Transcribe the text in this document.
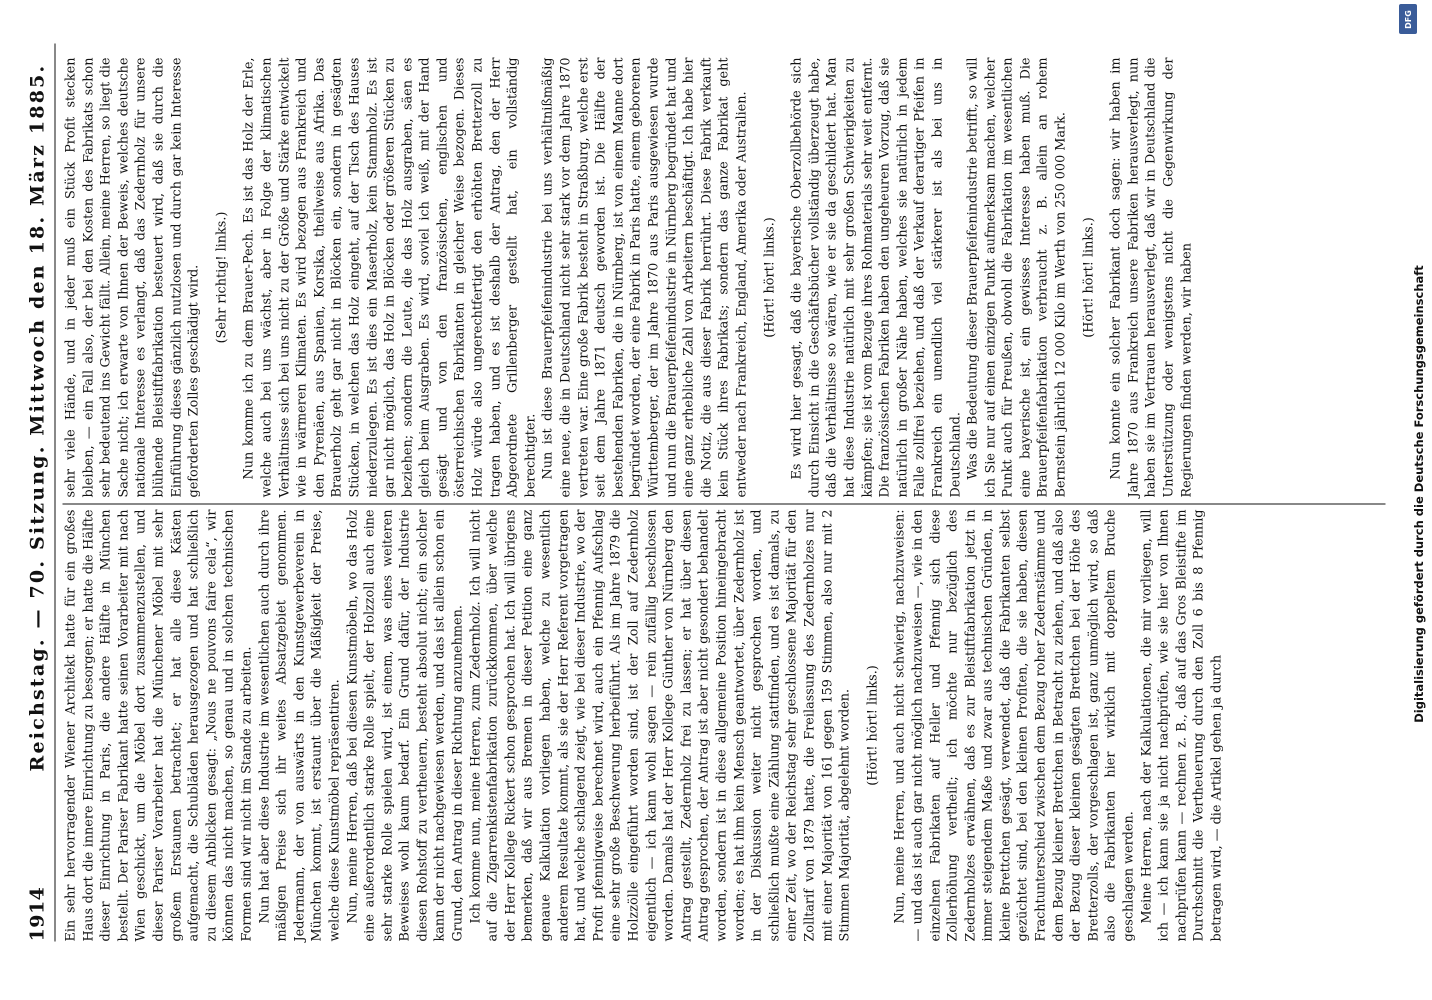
1914
Reichstag. — 70. Sitzung. Mittwoch den 18. März 1885. Ein sehr hervorragender Wiener Architekt hatte für ein großes Haus dort die innere Einrichtung zu besorgen; er hatte die Hälfte dieser Einrichtung in Paris, die andere Hälfte in München bestellt. Der Pariser Fabrikant hatte seinen Vorarbeiter mit nach Wien geschickt, um die Möbel dort zusammenzustellen, und dieser Pariser Vorarbeiter hat die Münchener Möbel mit sehr großem Erstaunen betrachtet; er hat alle diese Kästen aufgemacht, die Schubläden herausgezogen und hat schließlich zu diesem Anblicken gesagt: „Nous ne pouvons faire cela“, wir können das nicht machen, so genau und in solchen technischen Formen sind wir nicht im Stande zu arbeiten. Nun hat aber diese Industrie im wesentlichen auch durch ihre mäßigen Preise sich ihr weites Absatzgebiet genommen. Jedermann, der von auswärts in den Kunstgewerbeverein in München kommt, ist erstaunt über die Mäßigkeit der Preise, welche diese Kunstmöbel repräsentiren. Nun, meine Herren, daß bei diesen Kunstmöbeln, wo das Holz eine außerordentlich starke Rolle spielt, der Holzzoll auch eine sehr starke Rolle spielen wird, ist einem, was eines weiteren Beweises wohl kaum bedarf. Ein Grund dafür, der Industrie diesen Rohstoff zu vertheuern, besteht absolut nicht; ein solcher kann der nicht nachgewiesen werden, und das ist allein schon ein Grund, den Antrag in dieser Richtung anzunehmen. Ich komme nun, meine Herren, zum Zedernholz. Ich will nicht auf die Zigarrenkistenfabrikation zurückkommen, über welche der Herr Kollege Rickert schon gesprochen hat. Ich will übrigens bemerken, daß wir aus Bremen in dieser Petition eine ganz genaue Kalkulation vorliegen haben, welche zu wesentlich anderem Resultate kommt, als sie der Herr Referent vorgetragen hat, und welche schlagend zeigt, wie bei dieser Industrie, wo der Profit pfennigweise berechnet wird, auch ein Pfennig Aufschlag eine sehr große Beschwerung herbeiführt. Als im Jahre 1879 die Holzzölle eingeführt worden sind, ist der Zoll auf Zedernholz eigentlich — ich kann wohl sagen — rein zufällig beschlossen worden. Damals hat der Herr Kollege Günther von Nürnberg den Antrag gestellt, Zedernholz frei zu lassen; er hat über diesen Antrag gesprochen, der Antrag ist aber nicht gesondert behandelt worden, sondern ist in diese allgemeine Position hineingebracht worden; es hat ihm kein Mensch geantwortet, über Zedernholz ist in der Diskussion weiter nicht gesprochen worden, und schließlich mußte eine Zählung stattfinden, und es ist damals, zu einer Zeit, wo der Reichstag sehr geschlossene Majorität für den Zolltarif von 1879 hatte, die Freilassung des Zedernholzes nur mit einer Majorität von 161 gegen 159 Stimmen, also nur mit 2 Stimmen Majorität, abgelehnt worden. (Hört! hört! links.) Nun, meine Herren, und auch nicht schwierig, nachzuweisen: — und das ist auch gar nicht möglich nachzuweisen —, wie in den einzelnen Fabrikaten auf Heller und Pfennig sich diese Zollerhöhung vertheilt; ich möchte nur bezüglich des Zedernholzes erwähnen, daß es zur Bleistiftfabrikation jetzt in immer steigendem Maße und zwar aus technischen Gründen, in kleine Brettchen gesägt, verwendet, daß die Fabrikanten selbst gezüchtet sind, bei den kleinen Profiten, die sie haben, diesen Frachtunterschied zwischen dem Bezug roher Zedernstämme und dem Bezug kleiner Brettchen in Betracht zu ziehen, und daß also der Bezug dieser kleinen gesägten Brettchen bei der Höhe des Bretterzolls, der vorgeschlagen ist, ganz unmöglich wird, so daß also die Fabrikanten hier wirklich mit doppeltem Bruche geschlagen werden. Meine Herren, nach der Kalkulationen, die mir vorliegen, will ich — ich kann sie ja nicht nachprüfen, wie sie hier von Ihnen nachprüfen kann — rechnen z. B., daß auf das Gros Bleistifte im Durchschnitt die Vertheuerung durch den Zoll 6 bis 8 Pfennig betragen wird, — die Artikel gehen ja durch

sehr viele Hände, und in jeder muß ein Stück Profit stecken bleiben, — ein Fall also, der bei den Kosten des Fabrikats schon sehr bedeutend ins Gewicht fällt. Allein, meine Herren, so liegt die Sache nicht; ich erwarte von Ihnen der Beweis, welches deutsche nationale Interesse es verlangt, daß das Zedernholz für unsere blühende Bleistiftfabrikation besteuert wird, daß sie durch die Einführung dieses gänzlich nutzlosen und durch gar kein Interesse geforderten Zolles geschädigt wird. (Sehr richtig! links.) Nun komme ich zu dem Brauer-Pech. Es ist das Holz der Erle, welche auch bei uns wächst, aber in Folge der klimatischen Verhältnisse sich bei uns nicht zu der Größe und Stärke entwickelt wie in wärmeren Klimaten. Es wird bezogen aus Frankreich und den Pyrenäen, aus Spanien, Korsika, theilweise aus Afrika. Das Brauerholz geht gar nicht in Blöcken ein, sondern in gesägten Stücken, in welchen das Holz eingeht, auf der Tisch des Hauses niederzulegen. Es ist dies ein Maserholz, kein Stammholz. Es ist gar nicht möglich, das Holz in Blöcken oder größeren Stücken zu beziehen; sondern die Leute, die das Holz ausgraben, säen es gleich beim Ausgraben. Es wird, soviel ich weiß, mit der Hand gesägt und von den französischen, englischen und österreichischen Fabrikanten in gleicher Weise bezogen. Dieses Holz würde also ungerechtfertigt den erhöhten Bretterzoll zu tragen haben, und es ist deshalb der Antrag, den der Herr Abgeordnete Grillenberger gestellt hat, ein vollständig berechtigter. Nun ist diese Brauerpfeifenindustrie bei uns verhältnißmäßig eine neue, die in Deutschland nicht sehr stark vor dem Jahre 1870 vertreten war. Eine große Fabrik besteht in Straßburg, welche erst seit dem Jahre 1871 deutsch geworden ist. Die Hälfte der bestehenden Fabriken, die in Nürnberg, ist von einem Manne dort begründet worden, der eine Fabrik in Paris hatte, einem geborenen Württemberger, der im Jahre 1870 aus Paris ausgewiesen wurde und nun die Brauerpfeifenindustrie in Nürnberg begründet hat und eine ganz erhebliche Zahl von Arbeitern beschäftigt. Ich habe hier die Notiz, die aus dieser Fabrik herrührt. Diese Fabrik verkauft kein Stück ihres Fabrikats; sondern das ganze Fabrikat geht entweder nach Frankreich, England, Amerika oder Australien. (Hört! hört! links.) Es wird hier gesagt, daß die bayerische Oberzollbehörde sich durch Einsicht in die Geschäftsbücher vollständig überzeugt habe, daß die Verhältnisse so wären, wie er sie da geschildert hat. Man hat diese Industrie natürlich mit sehr großen Schwierigkeiten zu kämpfen; sie ist vom Bezuge ihres Rohmaterials sehr weit entfernt. Die französischen Fabriken haben den ungeheuren Vorzug, daß sie natürlich in großer Nähe haben, welches sie natürlich in jedem Falle zollfrei beziehen, und daß der Verkauf derartiger Pfeifen in Frankreich ein unendlich viel stärkerer ist als bei uns in Deutschland. Was die Bedeutung dieser Brauerpfeifenindustrie betrifft, so will ich Sie nur auf einen einzigen Punkt aufmerksam machen, welcher Punkt auch für Preußen, obwohl die Fabrikation im wesentlichen eine bayerische ist, ein gewisses Interesse haben muß. Die Brauerpfeifenfabrikation verbraucht z. B. allein an rohem Bernstein jährlich 12 000 Kilo im Werth von 250 000 Mark. (Hört! hört! links.) Nun konnte ein solcher Fabrikant doch sagen: wir haben im Jahre 1870 aus Frankreich unsere Fabriken herausverlegt, nun haben sie im Vertrauen herausverlegt, daß wir in Deutschland die Unterstützung oder wenigstens nicht die Gegenwirkung der Regierungen finden werden, wir haben

DFG
Digitalisierung gefördert durch die Deutsche Forschungsgemeinschaft
